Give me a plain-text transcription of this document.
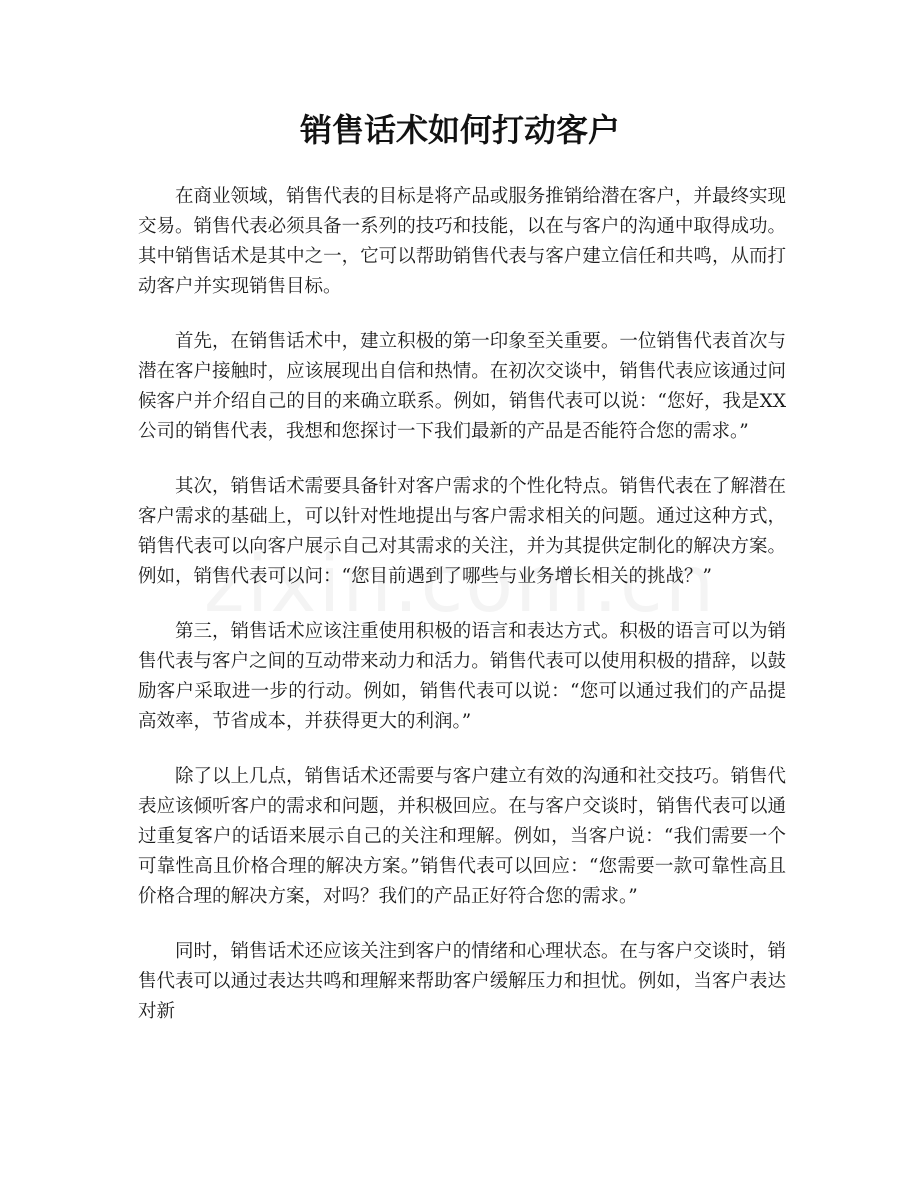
销售话术如何打动客户

在商业领域，销售代表的目标是将产品或服务推销给潜在客户，并最终实现交易。销售代表必须具备一系列的技巧和技能，以在与客户的沟通中取得成功。其中销售话术是其中之一，它可以帮助销售代表与客户建立信任和共鸣，从而打动客户并实现销售目标。

首先，在销售话术中，建立积极的第一印象至关重要。一位销售代表首次与潜在客户接触时，应该展现出自信和热情。在初次交谈中，销售代表应该通过问候客户并介绍自己的目的来确立联系。例如，销售代表可以说：“您好，我是XX公司的销售代表，我想和您探讨一下我们最新的产品是否能符合您的需求。”

其次，销售话术需要具备针对客户需求的个性化特点。销售代表在了解潜在客户需求的基础上，可以针对性地提出与客户需求相关的问题。通过这种方式，销售代表可以向客户展示自己对其需求的关注，并为其提供定制化的解决方案。例如，销售代表可以问：“您目前遇到了哪些与业务增长相关的挑战？”

第三，销售话术应该注重使用积极的语言和表达方式。积极的语言可以为销售代表与客户之间的互动带来动力和活力。销售代表可以使用积极的措辞，以鼓励客户采取进一步的行动。例如，销售代表可以说：“您可以通过我们的产品提高效率，节省成本，并获得更大的利润。”

除了以上几点，销售话术还需要与客户建立有效的沟通和社交技巧。销售代表应该倾听客户的需求和问题，并积极回应。在与客户交谈时，销售代表可以通过重复客户的话语来展示自己的关注和理解。例如，当客户说：“我们需要一个可靠性高且价格合理的解决方案。”销售代表可以回应：“您需要一款可靠性高且价格合理的解决方案，对吗？我们的产品正好符合您的需求。”

同时，销售话术还应该关注到客户的情绪和心理状态。在与客户交谈时，销售代表可以通过表达共鸣和理解来帮助客户缓解压力和担忧。例如，当客户表达对新
